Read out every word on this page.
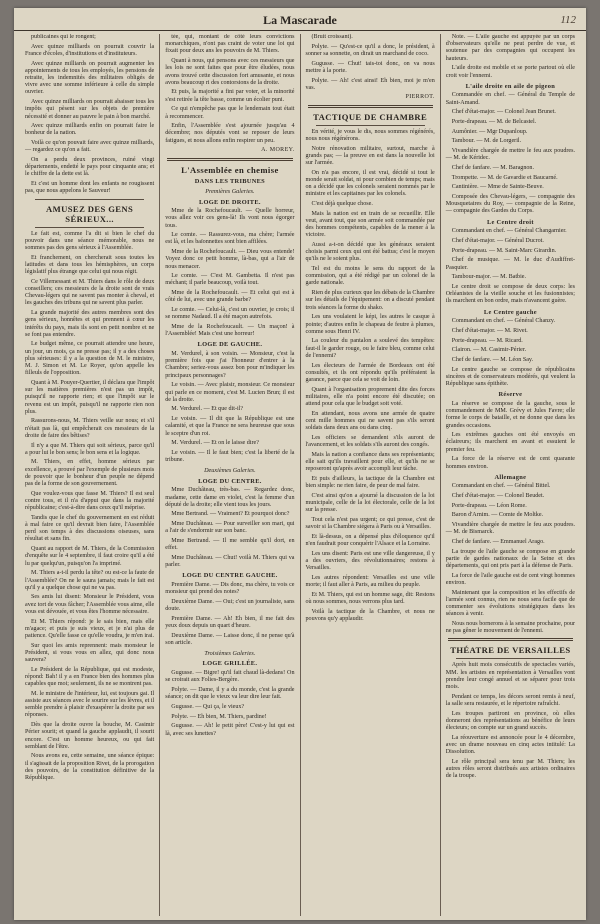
La Mascarade	112

publicaines qui le rongent;

Avec quinze milliards on pourrait couvrir la France d'écoles, d'institutions et d'instituteurs.

Avec quinze milliards on pourrait augmenter les appointements de tous les employés, les pensions de retraite, les indemnités des militaires obligés de vivre avec une somme inférieure à celle du simple ouvrier.

Avec quinze milliards on pourrait abaisser tous les impôts qui pèsent sur les objets de première nécessité et donner au pauvre le pain à bon marché.

Avec quinze milliards enfin on pourrait faire le bonheur de la nation.

Voilà ce qu'on pouvait faire avec quinze milliards, — regardez ce qu'on a fait.

On a perdu deux provinces, ruiné vingt départements, endetté le pays pour cinquante ans; et le chiffre de la dette est là.

Et c'est un homme dont les enfants ne rougissent pas, que nous appelons le Sauveur!

AMUSEZ DES GENS SÉRIEUX...

Le fait est, comme l'a dit si bien le chef du pouvoir dans une séance mémorable, nous ne sommes pas des gens sérieux à l'Assemblée.

Et franchement, on chercherait sous toutes les latitudes et dans tous les hémisphères, un corps législatif plus étrange que celui qui nous régit.

Ce Villemessant et M. Thiers dans le rôle de deux conseillers; ces messieurs de la droite sont de vrais Chevau-légers qui ne savent pas monter à cheval, et les gauches des tribuns qui ne savent plus parler.

La grande majorité des autres membres sont des gens sérieux, honnêtes et qui prennent à cœur les intérêts du pays, mais ils sont en petit nombre et ne se font pas entendre.

Le budget même, ce pourrait attendre une heure, un jour, un mois, ça ne presse pas; il y a des choses plus sérieuses: il y a la question de M. le ministre, M. J. Simon et M. Le Royer, qu'on appelle les filleuls de l'opposition.

Quant à M. Pouyer-Quertier, il déclara que l'impôt sur les matières premières n'est pas un impôt, puisqu'il ne rapporte rien; et que l'impôt sur le revenu est un impôt, puisqu'il ne rapporte rien non plus.

Rassurons-nous, M. Thiers veille sur nous; et s'il n'était pas là, qui empêcherait ces messieurs de la droite de faire des bêtises?

Il n'y a que M. Thiers qui soit sérieux, parce qu'il a pour lui le bon sens; le bon sens et la logique.

M. Thiers, en effet, homme sérieux par excellence, a prouvé par l'exemple de plusieurs mois de pouvoir que le bonheur d'un peuple ne dépend pas de la forme de son gouvernement.

Que voulez-vous que fasse M. Thiers? Il est seul contre tous, et il n'a d'appui que dans la majorité républicaine; c'est-à-dire dans ceux qu'il méprise.

Tandis que le chef du gouvernement en est réduit à mal faire ce qu'il devrait bien faire, l'Assemblée perd son temps à des discussions oiseuses, sans résultat et sans fin.

Quant au rapport de M. Thiers, de la Commission d'enquête sur le 4 septembre, il faut croire qu'il a été lu par quelqu'un, puisqu'on l'a imprimé.

M. Thiers a-t-il perdu la tête? ou est-ce la faute de l'Assemblée? On ne le saura jamais; mais le fait est qu'il y a quelque chose qui ne va pas.

Ses amis lui disent: Monsieur le Président, vous avez tort de vous fâcher; l'Assemblée vous aime, elle vous est dévouée, et vous êtes l'homme nécessaire.

Et M. Thiers répond: je le sais bien, mais elle m'agace; et puis je suis vieux, et je n'ai plus de patience. Qu'elle fasse ce qu'elle voudra, je m'en irai.

Sur quoi les amis reprennent: mais monsieur le Président, si vous vous en allez, qui donc nous sauvera?

Le Président de la République, qui est modeste, répond: Bah! il y a en France bien des hommes plus capables que moi; seulement, ils ne se montrent pas.

M. le ministre de l'intérieur, lui, est toujours gai. Il assiste aux séances avec le sourire sur les lèvres, et il semble prendre à plaisir d'exaspérer la droite par ses réponses.

Dès que la droite ouvre la bouche, M. Casimir Périer sourit; et quand la gauche applaudit, il sourit encore. C'est un homme heureux, ou qui fait semblant de l'être.

Nous avons eu, cette semaine, une séance épique: il s'agissait de la proposition Rivet, de la prorogation des pouvoirs, de la constitution définitive de la République.

tée, qui, montant de côté leurs convictions monarchiques, n'ont pas craint de voter une loi qui fixait pour deux ans les pouvoirs de M. Thiers.

Quant à nous, qui pensons avec ces messieurs que les lois ne sont faites que pour être éludées, nous avons trouvé cette discussion fort amusante, et nous avons beaucoup ri des contorsions de la droite.

Et puis, la majorité a fini par voter, et la minorité s'est retirée la tête basse, comme un écolier puni.

Ce qui n'empêche pas que le lendemain tout était à recommencer.

Enfin, l'Assemblée s'est ajournée jusqu'au 4 décembre; nos députés vont se reposer de leurs fatigues, et nous allons enfin respirer un peu.

A. MOREY.

L'Assemblée en chemise
DANS LES TRIBUNES
Premières Galeries.
LOGE DE DROITE.

Mme de la Rochefoucault. — Quelle horreur, vous allez voir ces gens-là! Ils vont nous égorger tous.

Le comte. — Rassurez-vous, ma chère; l'armée est là, et les baïonnettes sont bien affilées.

Mme de la Rochefoucault. — Dieu vous entende! Voyez donc ce petit homme, là-bas, qui a l'air de nous menacer.

Le comte. — C'est M. Gambetta. Il n'est pas méchant; il parle beaucoup, voilà tout.

Mme de la Rochefoucault. — Et celui qui est à côté de lui, avec une grande barbe?

Le comte. — Celui-là, c'est un ouvrier, je crois; il se nomme Nadaud. Il a été maçon autrefois.

Mme de la Rochefoucault. — Un maçon! à l'Assemblée! Mais c'est une horreur!

LOGE DE GAUCHE.

M. Verdurel, à son voisin. — Monsieur, c'est la première fois que j'ai l'honneur d'entrer à la Chambre; seriez-vous assez bon pour m'indiquer les principaux personnages?

Le voisin. — Avec plaisir, monsieur. Ce monsieur qui parle en ce moment, c'est M. Lucien Brun; il est de la droite.

M. Verdurel. — Et que dit-il?

Le voisin. — Il dit que la République est une calamité, et que la France ne sera heureuse que sous le sceptre d'un roi.

M. Verdurel. — Et on le laisse dire?

Le voisin. — Il le faut bien; c'est la liberté de la tribune.

Deuxièmes Galeries.
LOGE DU CENTRE.

Mme Duchâteau, très-bas. — Regardez donc, madame, cette dame en violet, c'est la femme d'un député de la droite; elle vient tous les jours.

Mme Bertrand. — Vraiment? Et pourquoi donc?

Mme Duchâteau. — Pour surveiller son mari, qui a l'air de s'endormir sur son banc.

Mme Bertrand. — Il me semble qu'il dort, en effet.

Mme Duchâteau. — Chut! voilà M. Thiers qui va parler.

LOGE DU CENTRE GAUCHE.

Première Dame. — Dis donc, ma chère, tu vois ce monsieur qui prend des notes?

Deuxième Dame. — Oui; c'est un journaliste, sans doute.

Première Dame. — Ah! Eh bien, il me fait des yeux doux depuis un quart d'heure.

Deuxième Dame. — Laisse donc, il ne pense qu'à son article.

Troisièmes Galeries.
LOGE GRILLÉE.

Gugusse. — Bigre! qu'il fait chaud là-dedans! On se croirait aux Folies-Bergère.

Polyte. — Dame, il y a du monde, c'est la grande séance; on dit que le vieux va leur dire leur fait.

Gugusse. — Qui ça, le vieux?

Polyte. — Eh bien, M. Thiers, pardine!

Gugusse. — Ah! le petit père! C'est-y lui qui est là, avec ses lunettes?

(Bruit croissant).

Polyte. — Qu'est-ce qu'il a donc, le président, à sonner sa sonnette, on dirait un marchand de coco.

Gugusse. — Chut! tais-toi donc, on va nous mettre à la porte.

Polyte. — Ah! c'est ainsi! Eh bien, moi je m'en vas.

PIERROT.

TACTIQUE DE CHAMBRE

En vérité, je vous le dis, nous sommes régénérés, nous nous régénérons.

Notre rénovation militaire, surtout, marche à grands pas; — la preuve en est dans la nouvelle loi sur l'armée.

On n'a pas encore, il est vrai, décidé si tout le monde serait soldat, ni pour combien de temps; mais on a décidé que les colonels seraient nommés par le ministre et les capitaines par les colonels.

C'est déjà quelque chose.

Mais la nation est en train de se recueillir. Elle veut, avant tout, que son armée soit commandée par des hommes compétents, capables de la mener à la victoire.

Aussi a-t-on décidé que les généraux seraient choisis parmi ceux qui ont été battus; c'est le moyen qu'ils ne le soient plus.

Tel est du moins le sens du rapport de la commission, qui a été rédigé par un colonel de la garde nationale.

Rien de plus curieux que les débats de la Chambre sur les détails de l'équipement: on a discuté pendant trois séances la forme du shako.

Les uns voulaient le képi, les autres le casque à pointe; d'autres enfin le chapeau de feutre à plumes, comme sous Henri IV.

La couleur du pantalon a soulevé des tempêtes: faut-il le garder rouge, ou le faire bleu, comme celui de l'ennemi?

Les électeurs de l'armée de Bordeaux ont été consultés, et ils ont répondu qu'ils préféraient la garance, parce que cela se voit de loin.

Quant à l'organisation proprement dite des forces militaires, elle n'a point encore été discutée; on attend pour cela que le budget soit voté.

En attendant, nous avons une armée de quatre cent mille hommes qui ne savent pas s'ils seront soldats dans deux ans ou dans cinq.

Les officiers se demandent s'ils auront de l'avancement, et les soldats s'ils auront des congés.

Mais la nation a confiance dans ses représentants; elle sait qu'ils travaillent pour elle, et qu'ils ne se reposeront qu'après avoir accompli leur tâche.

Et puis d'ailleurs, la tactique de la Chambre est bien simple: ne rien faire, de peur de mal faire.

C'est ainsi qu'on a ajourné la discussion de la loi municipale, celle de la loi électorale, celle de la loi sur la presse.

Tout cela n'est pas urgent; ce qui presse, c'est de savoir si la Chambre siégera à Paris ou à Versailles.

Et là-dessus, on a dépensé plus d'éloquence qu'il n'en faudrait pour conquérir l'Alsace et la Lorraine.

Les uns disent: Paris est une ville dangereuse, il y a des ouvriers, des révolutionnaires; restons à Versailles.

Les autres répondent: Versailles est une ville morte; il faut aller à Paris, au milieu du peuple.

Et M. Thiers, qui est un homme sage, dit: Restons où nous sommes, nous verrons plus tard.

Voilà la tactique de la Chambre, et nous ne pouvons qu'y applaudir.

Note. — L'aile gauche est appuyée par un corps d'observateurs qu'elle ne peut perdre de vue, et soutenue par des compagnies qui occupent les hauteurs.

L'aile droite est mobile et se porte partout où elle croit voir l'ennemi.

L'aile droite en aile de pigeon

Commandée en chef. — Général du Temple de Saint-Amand.

Chef d'état-major. — Colonel Jean Brunet.

Porte-drapeau. — M. de Belcastel.

Aumônier. — Mgr Dupanloup.

Tambour. — M. de Lorgeril.

Vivandière chargée de mettre le feu aux poudres. — M. de Kéridec.

Chef de fanfare. — M. Baragnon.

Trompette. — M. de Gavardie et Baucarné.

Cantinière. — Mme de Sainte-Beuve.

Composée des Chevau-légers, — compagnie des Mousquetaires du Roy, — compagnie de la Reine, — compagnie des Gardes du Corps.

Le Centre droit

Commandant en chef. — Général Changarnier.

Chef d'état-major. — Général Ducrot.

Porte-drapeau. — M. Saint-Marc Girardin.

Chef de musique. — M. le duc d'Audiffret-Pasquier.

Tambour-major. — M. Batbie.

Le centre droit se compose de deux corps: les Orléanistes de la vieille souche et les fusionnistes; ils marchent en bon ordre, mais n'avancent guère.

Le Centre gauche

Commandant en chef. — Général Chanzy.

Chef d'état-major. — M. Rivet.

Porte-drapeau. — M. Ricard.

Clairon. — M. Casimir-Périer.

Chef de fanfare. — M. Léon Say.

Le centre gauche se compose de républicains sincères et de conservateurs modérés, qui veulent la République sans épithète.

Réserve

La réserve se compose de la gauche, sous le commandement de MM. Grévy et Jules Favre; elle forme le corps de bataille, et ne donne que dans les grandes occasions.

Les extrêmes gauches ont été envoyés en éclaireurs; ils marchent en avant et essuient le premier feu.

La force de la réserve est de cent quarante hommes environ.

Allemagne

Commandant en chef. — Général Bittel.

Chef d'état-major. — Colonel Beudet.

Porte-drapeau. — Léon Rome.

Baron d'Arnim. — Comte de Moltke.

Vivandière chargée de mettre le feu aux poudres. — M. de Bismarck.

Chef de fanfare. — Emmanuel Arago.

La troupe de l'aile gauche se compose en grande partie de gardes nationaux de la Seine et des départements, qui ont pris part à la défense de Paris.

La force de l'aile gauche est de cent vingt hommes environ.

Maintenant que la composition et les effectifs de l'armée sont connus, rien ne nous sera facile que de commenter ses évolutions stratégiques dans les séances à venir.

Nous nous bornerons à la semaine prochaine, pour ne pas gêner le mouvement de l'ennemi.

THÉATRE DE VERSAILLES

Après huit mois consécutifs de spectacles variés, MM. les artistes en représentation à Versailles vont prendre leur congé annuel et se séparer pour trois mois.

Pendant ce temps, les décors seront remis à neuf, la salle sera restaurée, et le répertoire rafraîchi.

Les troupes partiront en province, où elles donneront des représentations au bénéfice de leurs électeurs; on compte sur un grand succès.

La réouverture est annoncée pour le 4 décembre, avec un drame nouveau en cinq actes intitulé: La Dissolution.

Le rôle principal sera tenu par M. Thiers; les autres rôles seront distribués aux artistes ordinaires de la troupe.
